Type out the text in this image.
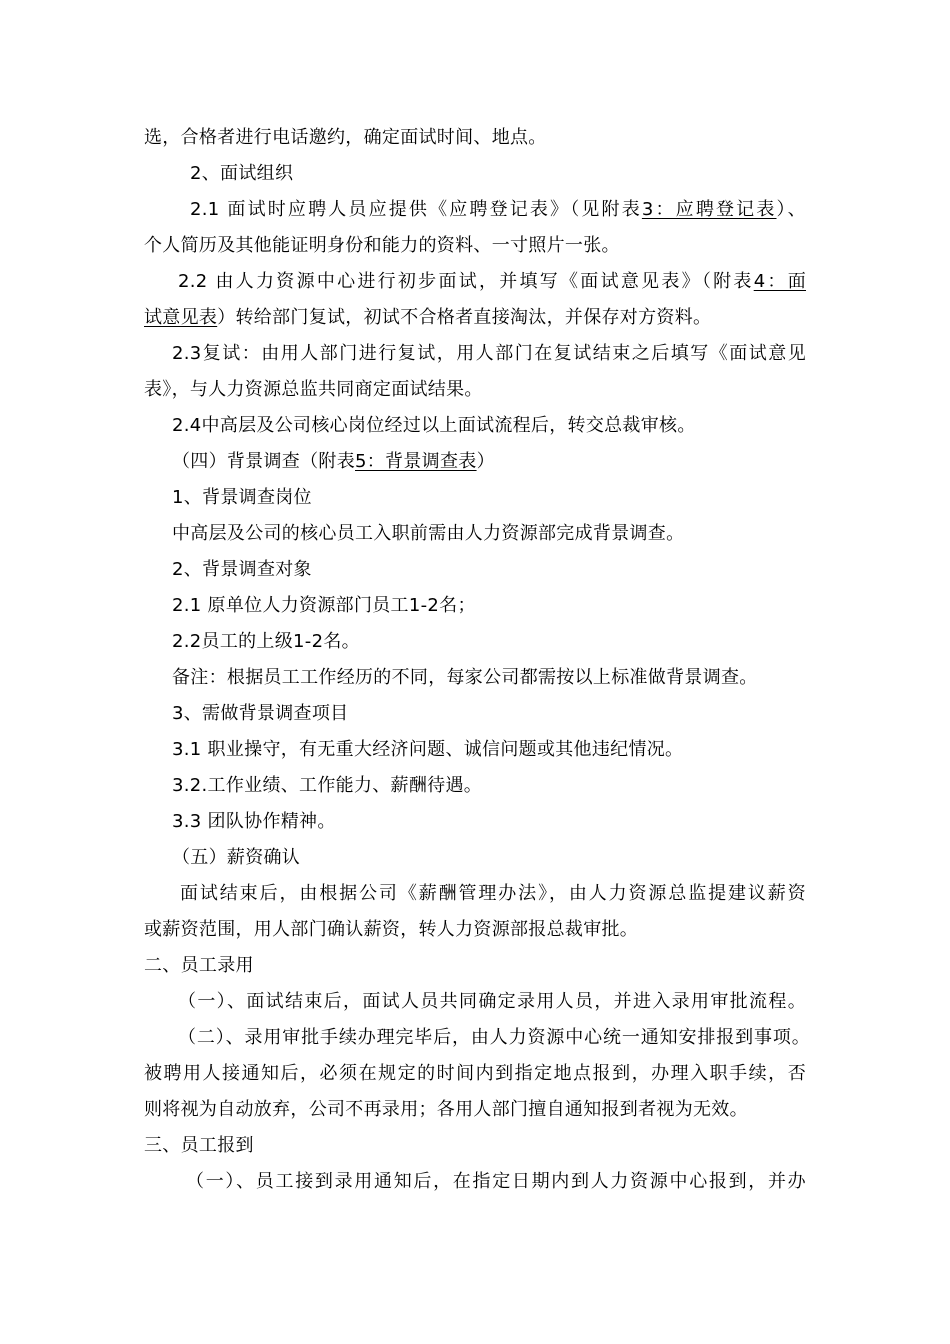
选，合格者进行电话邀约，确定面试时间、地点。
2、面试组织
2.1 面试时应聘人员应提供《应聘登记表》（见附表3：应聘登记表）、
个人简历及其他能证明身份和能力的资料、一寸照片一张。
2.2 由人力资源中心进行初步面试，并填写《面试意见表》（附表4：面
试意见表）转给部门复试，初试不合格者直接淘汰，并保存对方资料。
2.3复试：由用人部门进行复试，用人部门在复试结束之后填写《面试意见
表》，与人力资源总监共同商定面试结果。
2.4中高层及公司核心岗位经过以上面试流程后，转交总裁审核。
（四）背景调查（附表5：背景调查表）
1、背景调查岗位
中高层及公司的核心员工入职前需由人力资源部完成背景调查。
2、背景调查对象
2.1 原单位人力资源部门员工1-2名；
2.2员工的上级1-2名。
备注：根据员工工作经历的不同，每家公司都需按以上标准做背景调查。
3、需做背景调查项目
3.1 职业操守，有无重大经济问题、诚信问题或其他违纪情况。
3.2.工作业绩、工作能力、薪酬待遇。
3.3 团队协作精神。
（五）薪资确认
面试结束后，由根据公司《薪酬管理办法》，由人力资源总监提建议薪资
或薪资范围，用人部门确认薪资，转人力资源部报总裁审批。
二、员工录用
（一）、面试结束后，面试人员共同确定录用人员，并进入录用审批流程。
（二）、录用审批手续办理完毕后，由人力资源中心统一通知安排报到事项。
被聘用人接通知后，必须在规定的时间内到指定地点报到，办理入职手续，否
则将视为自动放弃，公司不再录用；各用人部门擅自通知报到者视为无效。
三、员工报到
（一）、员工接到录用通知后，在指定日期内到人力资源中心报到，并办
